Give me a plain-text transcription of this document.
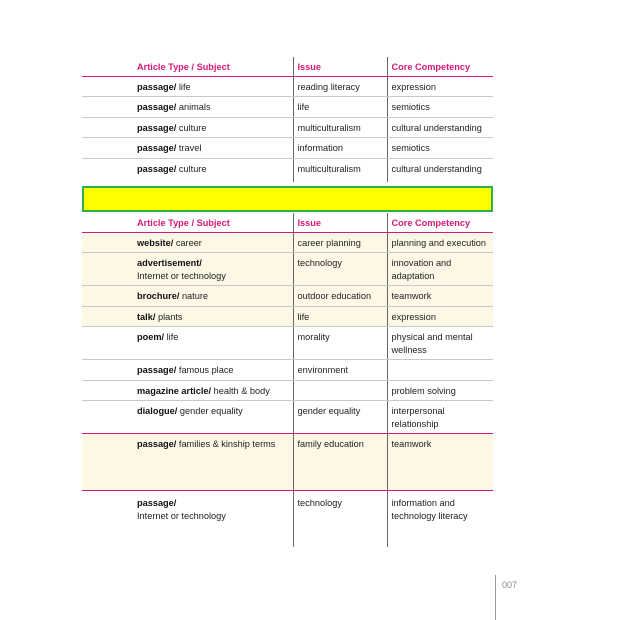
Article Type / Subject	Issue	Core Competency
passage/ life	reading literacy	expression
passage/ animals	life	semiotics
passage/ culture	multiculturalism	cultural understanding
passage/ travel	information	semiotics
passage/ culture	multiculturalism	cultural understanding
Article Type / Subject	Issue	Core Competency
website/ career	career planning	planning and execution
advertisement/
Internet or technology	technology	innovation and adaptation
brochure/ nature	outdoor education	teamwork
talk/ plants	life	expression
poem/ life	morality	physical and mental wellness
passage/ famous place	environment	
magazine article/ health & body		problem solving
dialogue/ gender equality	gender equality	interpersonal relationship
passage/ families & kinship terms	family education	teamwork
passage/
Internet or technology	technology	information and technology literacy
007
